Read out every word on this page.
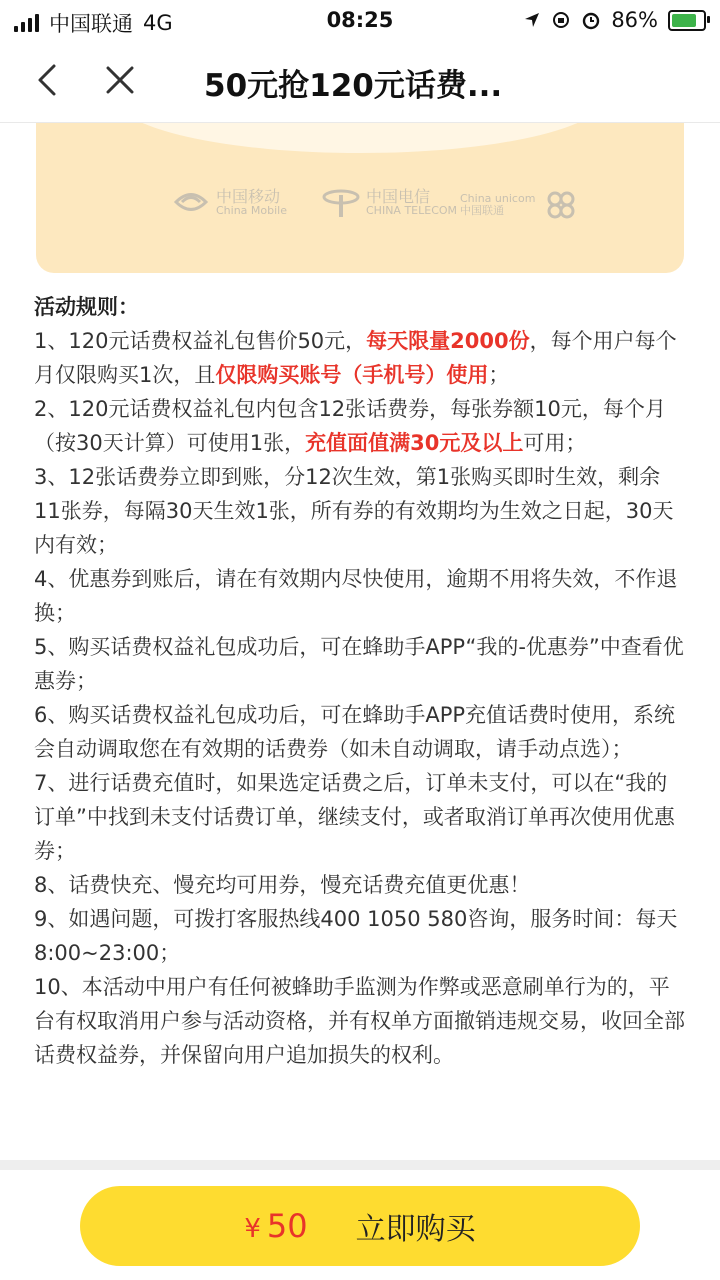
中国联通 4G	08:25	86%
50元抢120元话费...
中国移动
China Mobile
中国电信
CHINA TELECOM
China unicom
中国联通
活动规则：

1、120元话费权益礼包售价50元，每天限量2000份，每个用户每个月仅限购买1次，且仅限购买账号（手机号）使用；

2、120元话费权益礼包内包含12张话费券，每张券额10元，每个月（按30天计算）可使用1张，充值面值满30元及以上可用；

3、12张话费券立即到账，分12次生效，第1张购买即时生效，剩余11张券，每隔30天生效1张，所有券的有效期均为生效之日起，30天内有效；

4、优惠券到账后，请在有效期内尽快使用，逾期不用将失效，不作退换；

5、购买话费权益礼包成功后，可在蜂助手APP“我的-优惠券”中查看优惠券；

6、购买话费权益礼包成功后，可在蜂助手APP充值话费时使用，系统会自动调取您在有效期的话费券（如未自动调取，请手动点选）；

7、进行话费充值时，如果选定话费之后，订单未支付，可以在“我的订单”中找到未支付话费订单，继续支付，或者取消订单再次使用优惠券；

8、话费快充、慢充均可用券，慢充话费充值更优惠！

9、如遇问题，可拨打客服热线400 1050 580咨询，服务时间：每天8:00~23:00；

10、本活动中用户有任何被蜂助手监测为作弊或恶意刷单行为的，平台有权取消用户参与活动资格，并有权单方面撤销违规交易，收回全部话费权益券，并保留向用户追加损失的权利。

¥ 50 立即购买
